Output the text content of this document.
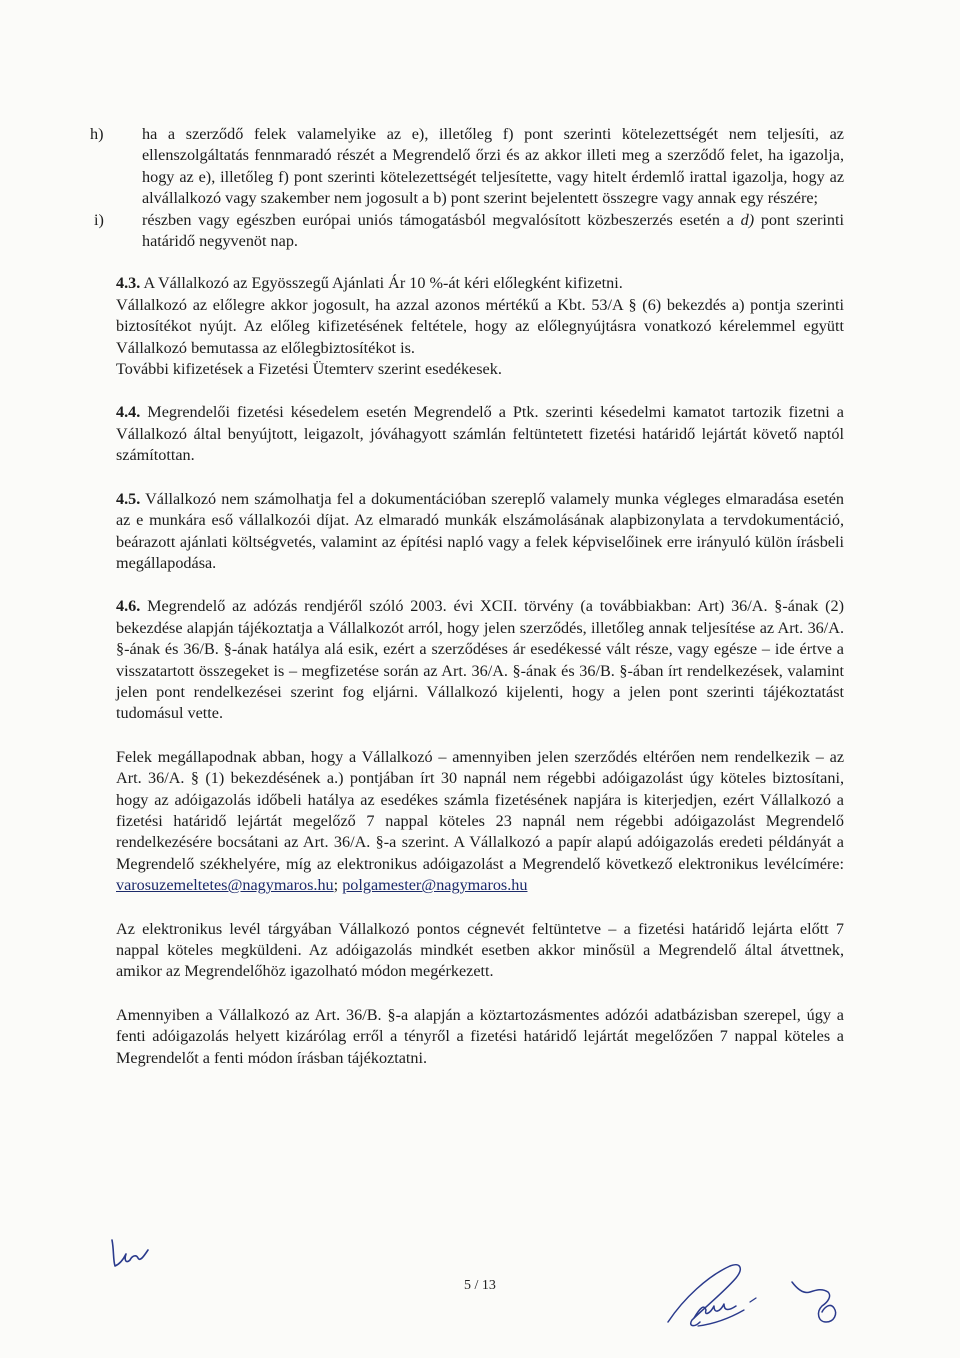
h) ha a szerződő felek valamelyike az e), illetőleg f) pont szerinti kötelezettségét nem teljesíti, az ellenszolgáltatás fennmaradó részét a Megrendelő őrzi és az akkor illeti meg a szerződő felet, ha igazolja, hogy az e), illetőleg f) pont szerinti kötelezettségét teljesítette, vagy hitelt érdemlő irattal igazolja, hogy az alvállalkozó vagy szakember nem jogosult a b) pont szerint bejelentett összegre vagy annak egy részére;
i) részben vagy egészben európai uniós támogatásból megvalósított közbeszerzés esetén a d) pont szerinti határidő negyvenöt nap.

4.3. A Vállalkozó az Egyösszegű Ajánlati Ár 10 %-át kéri előlegként kifizetni.

Vállalkozó az előlegre akkor jogosult, ha azzal azonos mértékű a Kbt. 53/A § (6) bekezdés a) pontja szerinti biztosítékot nyújt. Az előleg kifizetésének feltétele, hogy az előlegnyújtásra vonatkozó kérelemmel együtt Vállalkozó bemutassa az előlegbiztosítékot is.

További kifizetések a Fizetési Ütemterv szerint esedékesek.

4.4. Megrendelői fizetési késedelem esetén Megrendelő a Ptk. szerinti késedelmi kamatot tartozik fizetni a Vállalkozó által benyújtott, leigazolt, jóváhagyott számlán feltüntetett fizetési határidő lejártát követő naptól számítottan.

4.5. Vállalkozó nem számolhatja fel a dokumentációban szereplő valamely munka végleges elmaradása esetén az e munkára eső vállalkozói díjat. Az elmaradó munkák elszámolásának alapbizonylata a tervdokumentáció, beárazott ajánlati költségvetés, valamint az építési napló vagy a felek képviselőinek erre irányuló külön írásbeli megállapodása.

4.6. Megrendelő az adózás rendjéről szóló 2003. évi XCII. törvény (a továbbiakban: Art) 36/A. §-ának (2) bekezdése alapján tájékoztatja a Vállalkozót arról, hogy jelen szerződés, illetőleg annak teljesítése az Art. 36/A. §-ának és 36/B. §-ának hatálya alá esik, ezért a szerződéses ár esedékessé vált része, vagy egésze – ide értve a visszatartott összegeket is – megfizetése során az Art. 36/A. §-ának és 36/B. §-ában írt rendelkezések, valamint jelen pont rendelkezései szerint fog eljárni. Vállalkozó kijelenti, hogy a jelen pont szerinti tájékoztatást tudomásul vette.

Felek megállapodnak abban, hogy a Vállalkozó – amennyiben jelen szerződés eltérően nem rendelkezik – az Art. 36/A. § (1) bekezdésének a.) pontjában írt 30 napnál nem régebbi adóigazolást úgy köteles biztosítani, hogy az adóigazolás időbeli hatálya az esedékes számla fizetésének napjára is kiterjedjen, ezért Vállalkozó a fizetési határidő lejártát megelőző 7 nappal köteles 23 napnál nem régebbi adóigazolást Megrendelő rendelkezésére bocsátani az Art. 36/A. §-a szerint. A Vállalkozó a papír alapú adóigazolás eredeti példányát a Megrendelő székhelyére, míg az elektronikus adóigazolást a Megrendelő következő elektronikus levélcímére: varosuzemeltetes@nagymaros.hu; polgamester@nagymaros.hu

Az elektronikus levél tárgyában Vállalkozó pontos cégnevét feltüntetve – a fizetési határidő lejárta előtt 7 nappal köteles megküldeni. Az adóigazolás mindkét esetben akkor minősül a Megrendelő által átvettnek, amikor az Megrendelőhöz igazolható módon megérkezett.

Amennyiben a Vállalkozó az Art. 36/B. §-a alapján a köztartozásmentes adózói adatbázisban szerepel, úgy a fenti adóigazolás helyett kizárólag erről a tényről a fizetési határidő lejártát megelőzően 7 nappal köteles a Megrendelőt a fenti módon írásban tájékoztatni.

5 / 13
